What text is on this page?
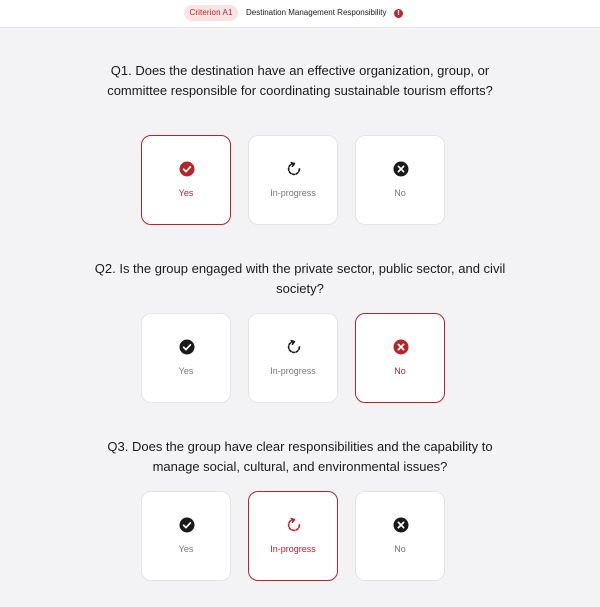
Criterion A1	Destination Management Responsibility	!
Q1. Does the destination have an effective organization, group, or committee responsible for coordinating sustainable tourism efforts?
Yes	In-progress	No
Q2. Is the group engaged with the private sector, public sector, and civil society?
Yes	In-progress	No
Q3. Does the group have clear responsibilities and the capability to manage social, cultural, and environmental issues?
Yes	In-progress	No
